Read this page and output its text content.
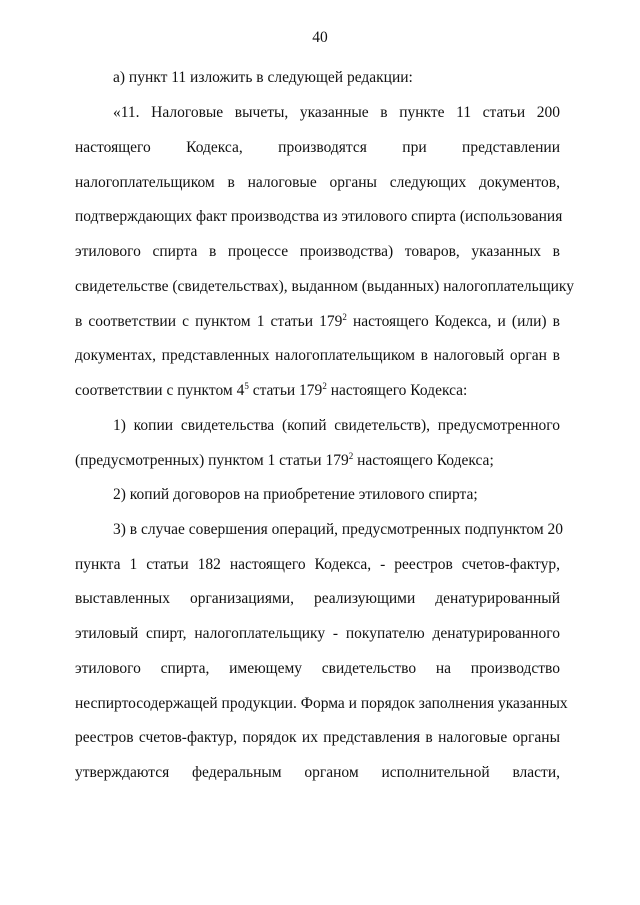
40
а) пункт 11 изложить в следующей редакции:
«11. Налоговые вычеты, указанные в пункте 11 статьи 200
настоящего Кодекса, производятся при представлении
налогоплательщиком в налоговые органы следующих документов,
подтверждающих факт производства из этилового спирта (использования
этилового спирта в процессе производства) товаров, указанных в
свидетельстве (свидетельствах), выданном (выданных) налогоплательщику
в соответствии с пунктом 1 статьи $179^2$ настоящего Кодекса, и (или) в
документах, представленных налогоплательщиком в налоговый орган в
соответствии с пунктом $4^5$ статьи $179^2$ настоящего Кодекса:
1) копии свидетельства (копий свидетельств), предусмотренного
(предусмотренных) пунктом 1 статьи $179^2$ настоящего Кодекса;
2) копий договоров на приобретение этилового спирта;
3) в случае совершения операций, предусмотренных подпунктом 20
пункта 1 статьи 182 настоящего Кодекса, - реестров счетов-фактур,
выставленных организациями, реализующими денатурированный
этиловый спирт, налогоплательщику - покупателю денатурированного
этилового спирта, имеющему свидетельство на производство
неспиртосодержащей продукции. Форма и порядок заполнения указанных
реестров счетов-фактур, порядок их представления в налоговые органы
утверждаются федеральным органом исполнительной власти,
